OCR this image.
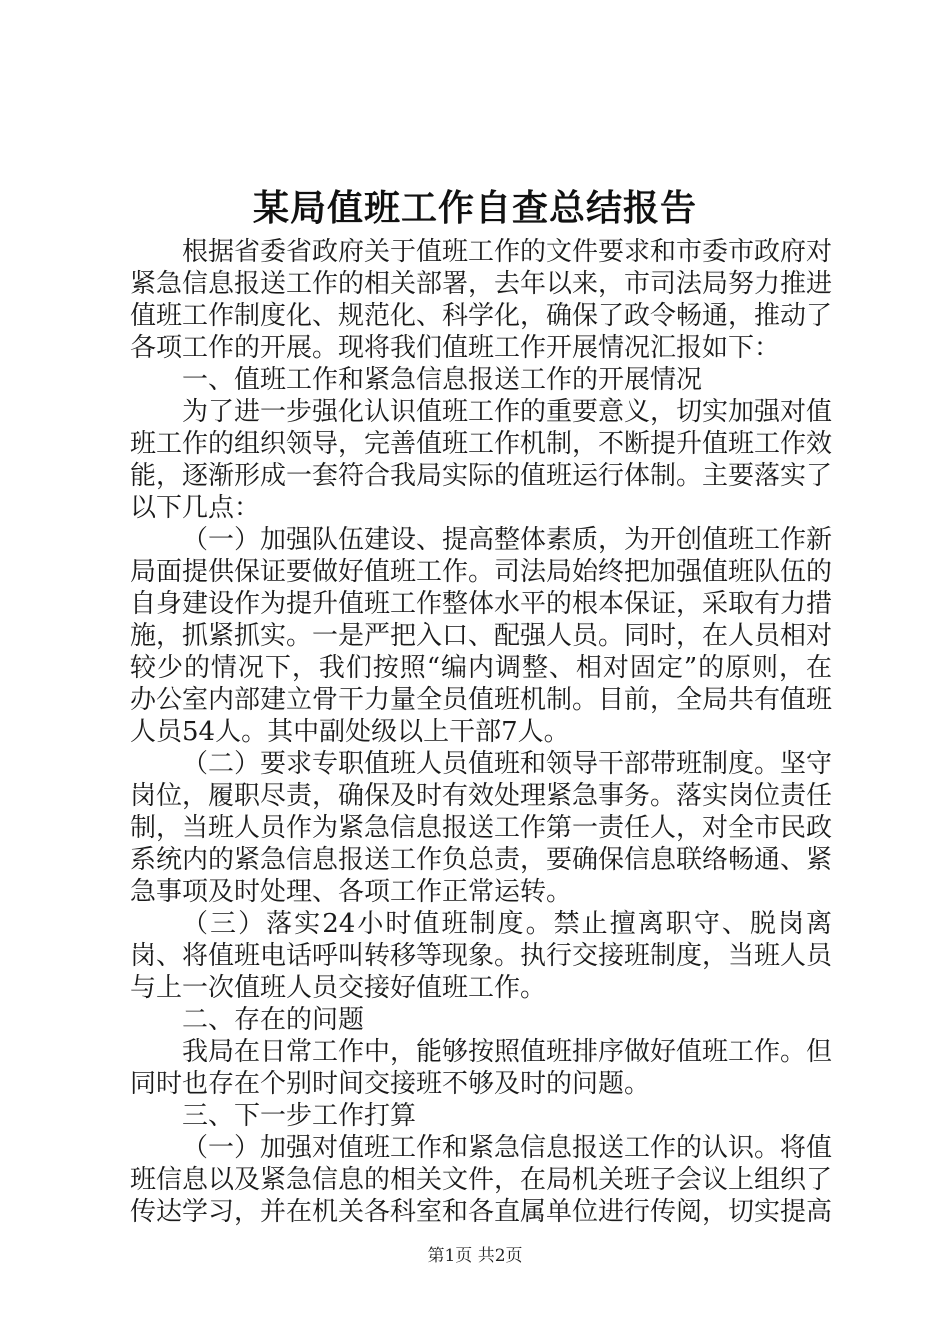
某局值班工作自查总结报告

根据省委省政府关于值班工作的文件要求和市委市政府对紧急信息报送工作的相关部署，去年以来，市司法局努力推进值班工作制度化、规范化、科学化，确保了政令畅通，推动了各项工作的开展。现将我们值班工作开展情况汇报如下：

一、值班工作和紧急信息报送工作的开展情况

为了进一步强化认识值班工作的重要意义，切实加强对值班工作的组织领导，完善值班工作机制，不断提升值班工作效能，逐渐形成一套符合我局实际的值班运行体制。主要落实了以下几点：

（一）加强队伍建设、提高整体素质，为开创值班工作新局面提供保证要做好值班工作。司法局始终把加强值班队伍的自身建设作为提升值班工作整体水平的根本保证，采取有力措施，抓紧抓实。一是严把入口、配强人员。同时，在人员相对较少的情况下，我们按照“编内调整、相对固定”的原则，在办公室内部建立骨干力量全员值班机制。目前，全局共有值班人员54人。其中副处级以上干部7人。

（二）要求专职值班人员值班和领导干部带班制度。坚守岗位，履职尽责，确保及时有效处理紧急事务。落实岗位责任制，当班人员作为紧急信息报送工作第一责任人，对全市民政系统内的紧急信息报送工作负总责，要确保信息联络畅通、紧急事项及时处理、各项工作正常运转。

（三）落实24小时值班制度。禁止擅离职守、脱岗离岗、将值班电话呼叫转移等现象。执行交接班制度，当班人员与上一次值班人员交接好值班工作。

二、存在的问题

我局在日常工作中，能够按照值班排序做好值班工作。但同时也存在个别时间交接班不够及时的问题。

三、下一步工作打算

（一）加强对值班工作和紧急信息报送工作的认识。将值班信息以及紧急信息的相关文件，在局机关班子会议上组织了传达学习，并在机关各科室和各直属单位进行传阅，切实提高

第1页 共2页
